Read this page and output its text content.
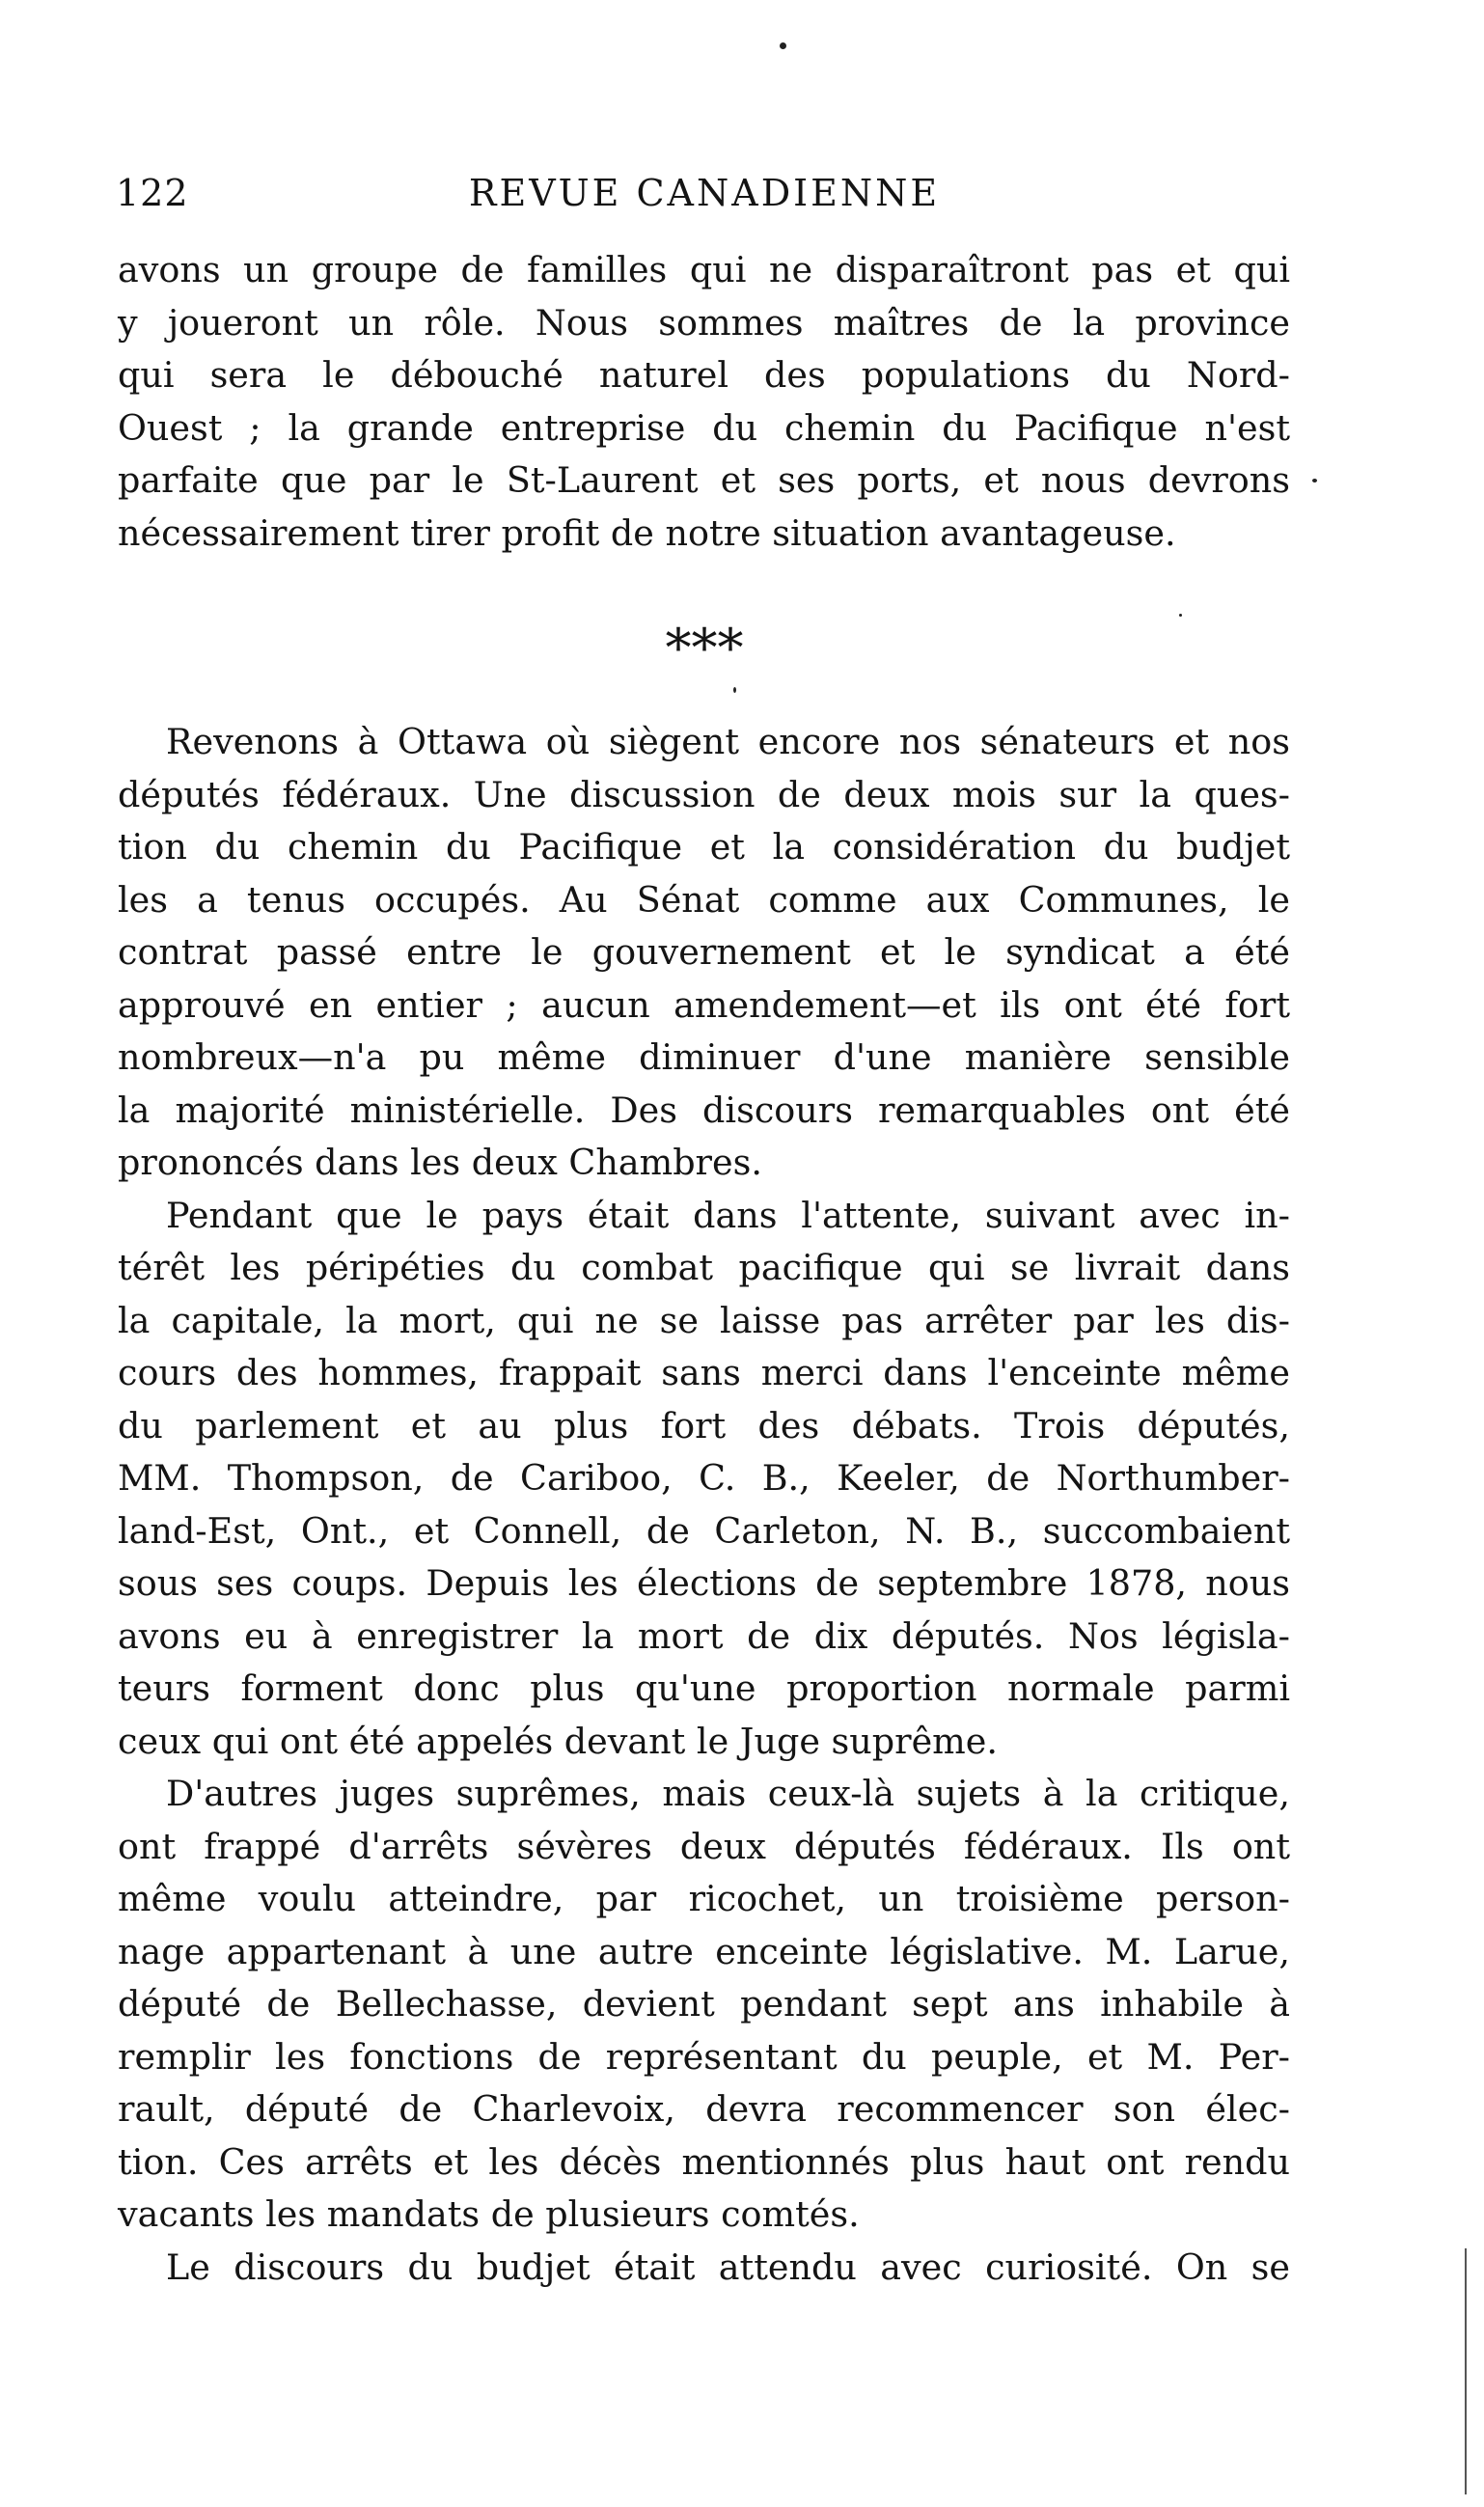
122	REVUE CANADIENNE
avons un groupe de familles qui ne disparaîtront pas et qui
y joueront un rôle. Nous sommes maîtres de la province
qui sera le débouché naturel des populations du Nord-
Ouest ; la grande entreprise du chemin du Pacifique n'est
parfaite que par le St-Laurent et ses ports, et nous devrons
nécessairement tirer profit de notre situation avantageuse.
***
Revenons à Ottawa où siègent encore nos sénateurs et nos
députés fédéraux. Une discussion de deux mois sur la ques-
tion du chemin du Pacifique et la considération du budjet
les a tenus occupés. Au Sénat comme aux Communes, le
contrat passé entre le gouvernement et le syndicat a été
approuvé en entier ; aucun amendement—et ils ont été fort
nombreux—n'a pu même diminuer d'une manière sensible
la majorité ministérielle. Des discours remarquables ont été
prononcés dans les deux Chambres.
Pendant que le pays était dans l'attente, suivant avec in-
térêt les péripéties du combat pacifique qui se livrait dans
la capitale, la mort, qui ne se laisse pas arrêter par les dis-
cours des hommes, frappait sans merci dans l'enceinte même
du parlement et au plus fort des débats. Trois députés,
MM. Thompson, de Cariboo, C. B., Keeler, de Northumber-
land-Est, Ont., et Connell, de Carleton, N. B., succombaient
sous ses coups. Depuis les élections de septembre 1878, nous
avons eu à enregistrer la mort de dix députés. Nos législa-
teurs forment donc plus qu'une proportion normale parmi
ceux qui ont été appelés devant le Juge suprême.
D'autres juges suprêmes, mais ceux-là sujets à la critique,
ont frappé d'arrêts sévères deux députés fédéraux. Ils ont
même voulu atteindre, par ricochet, un troisième person-
nage appartenant à une autre enceinte législative. M. Larue,
député de Bellechasse, devient pendant sept ans inhabile à
remplir les fonctions de représentant du peuple, et M. Per-
rault, député de Charlevoix, devra recommencer son élec-
tion. Ces arrêts et les décès mentionnés plus haut ont rendu
vacants les mandats de plusieurs comtés.
Le discours du budjet était attendu avec curiosité. On se
